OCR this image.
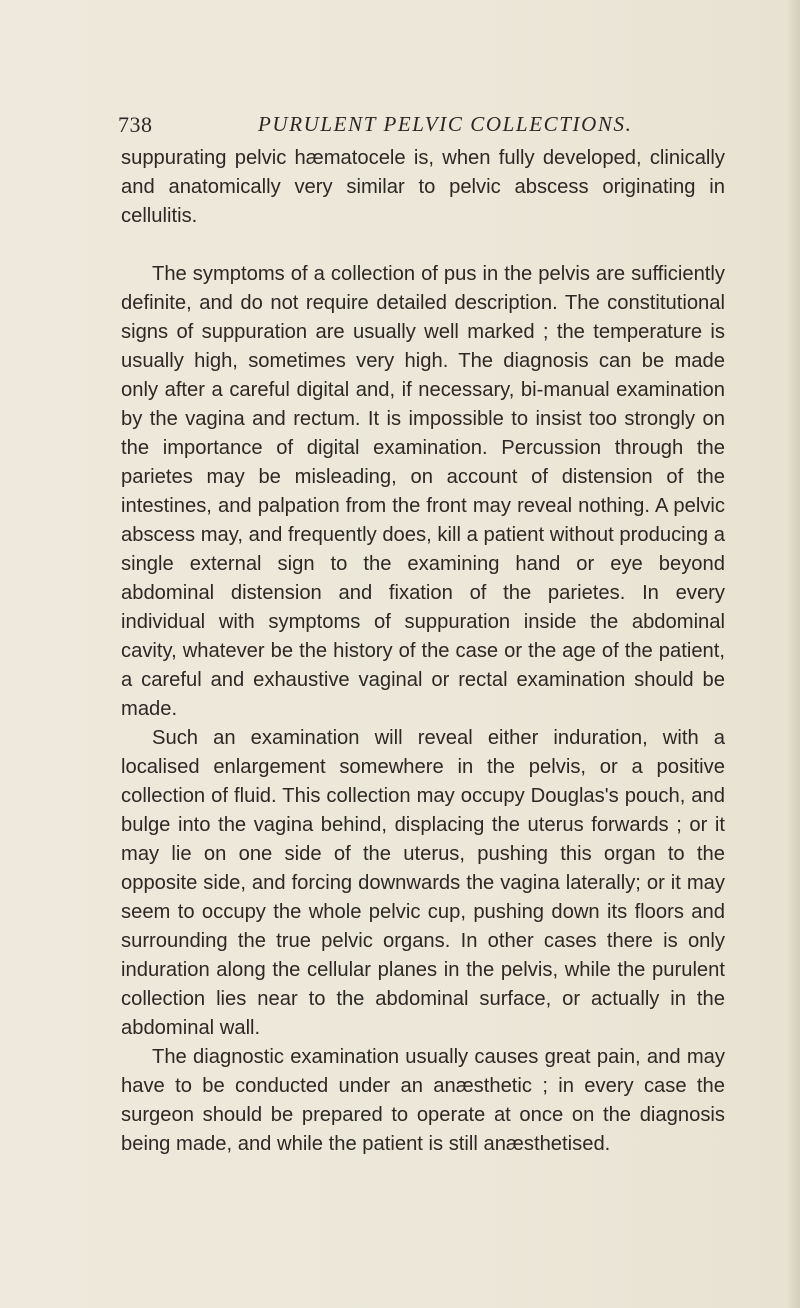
738	PURULENT PELVIC COLLECTIONS.

suppurating pelvic hæmatocele is, when fully developed, clinically and anatomically very similar to pelvic abscess originating in cellulitis.

The symptoms of a collection of pus in the pelvis are sufficiently definite, and do not require detailed description. The constitutional signs of suppuration are usually well marked ; the temperature is usually high, sometimes very high. The diagnosis can be made only after a careful digital and, if necessary, bi-manual examination by the vagina and rectum. It is impossible to insist too strongly on the importance of digital examination. Percussion through the parietes may be misleading, on account of distension of the intestines, and palpation from the front may reveal nothing. A pelvic abscess may, and frequently does, kill a patient without producing a single external sign to the examining hand or eye beyond abdominal distension and fixation of the parietes. In every individual with symptoms of suppuration inside the abdominal cavity, whatever be the history of the case or the age of the patient, a careful and exhaustive vaginal or rectal examination should be made.

Such an examination will reveal either induration, with a localised enlargement somewhere in the pelvis, or a positive collection of fluid. This collection may occupy Douglas's pouch, and bulge into the vagina behind, displacing the uterus forwards ; or it may lie on one side of the uterus, pushing this organ to the opposite side, and forcing downwards the vagina laterally; or it may seem to occupy the whole pelvic cup, pushing down its floors and surrounding the true pelvic organs. In other cases there is only induration along the cellular planes in the pelvis, while the purulent collection lies near to the abdominal surface, or actually in the abdominal wall.

The diagnostic examination usually causes great pain, and may have to be conducted under an anæsthetic ; in every case the surgeon should be prepared to operate at once on the diagnosis being made, and while the patient is still anæsthetised.
